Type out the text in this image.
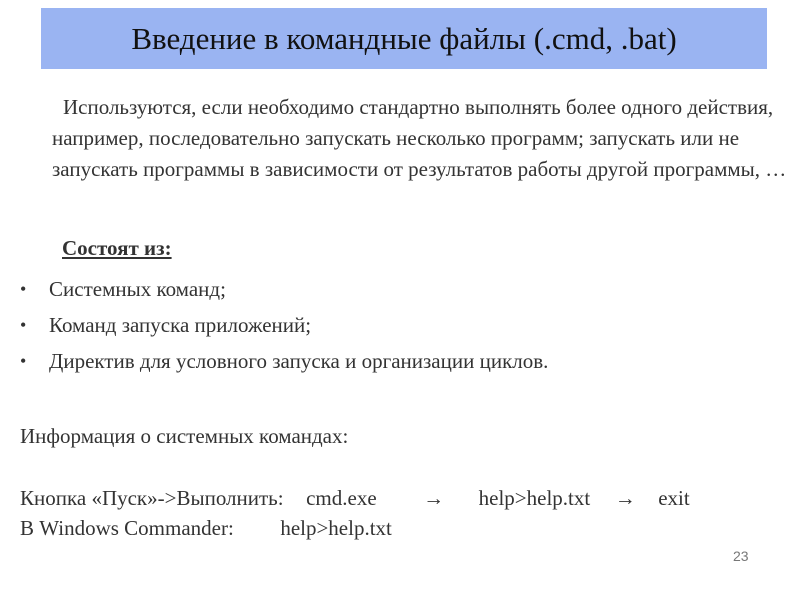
Введение в командные файлы (.cmd, .bat)
Используются, если необходимо стандартно выполнять более одного действия, например, последовательно запускать несколько программ; запускать или не запускать программы в зависимости от результатов работы другой программы, …
Состоят из:
•	Системных команд;
•	Команд запуска приложений;
•	Директив для условного запуска и организации циклов.
Информация о системных командах:
Кнопка «Пуск»->Выполнить: cmd.exe → help>help.txt → exit
В Windows Commander: help>help.txt
23
